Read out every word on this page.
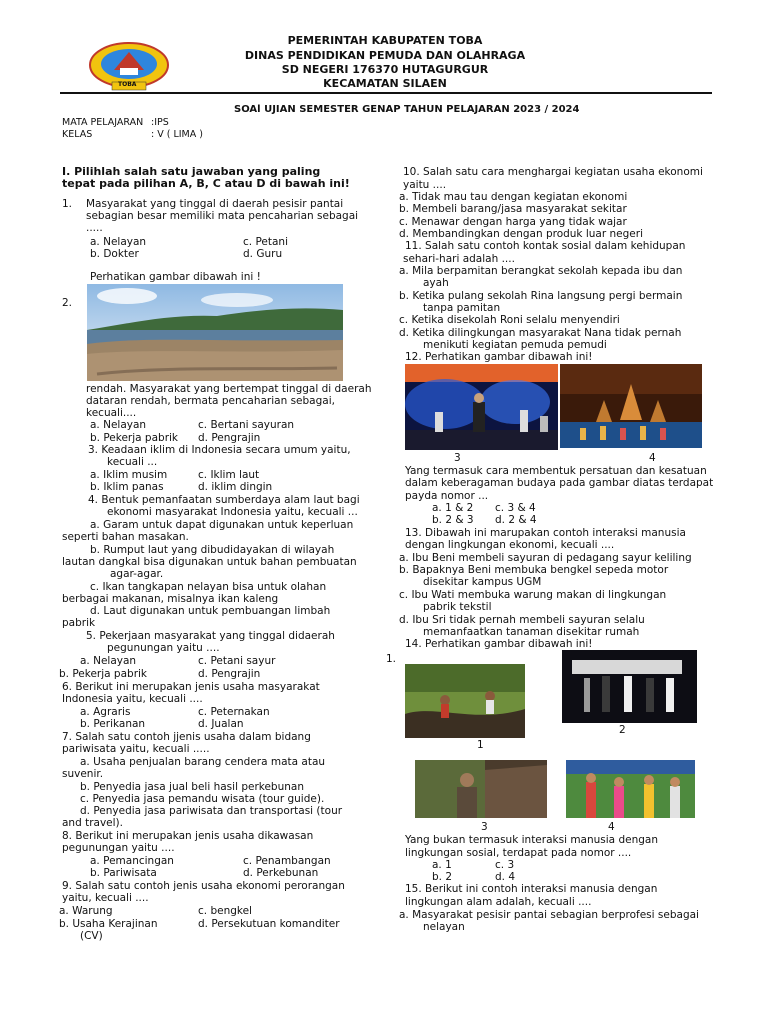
TOBA
PEMERINTAH KABUPATEN TOBA
DINAS PENDIDIKAN PEMUDA DAN OLAHRAGA
SD NEGERI 176370 HUTAGURGUR
KECAMATAN SILAEN
SOAl UJIAN SEMESTER GENAP TAHUN PELAJARAN 2023 / 2024
MATA PELAJARAN :IPS
KELAS	: V ( LIMA )
I. Pilihlah salah satu jawaban yang paling
tepat pada pilihan A, B, C atau D di bawah ini!
1. Masyarakat yang tinggal di daerah pesisir pantai
sebagian besar memiliki mata pencaharian sebagai
.....
a. Nelayan	c. Petani
b. Dokter	d. Guru
Perhatikan gambar dibawah ini !
2.
rendah. Masyarakat yang bertempat tinggal di daerah
dataran rendah, bermata pencaharian sebagai,
kecuali....
a. Nelayan	c. Bertani sayuran
b. Pekerja pabrik d. Pengrajin
3. Keadaan iklim di Indonesia secara umum yaitu,
kecuali ...
a. Iklim musim	c. Iklim laut
b. Iklim panas	d. iklim dingin
4. Bentuk pemanfaatan sumberdaya alam laut bagi
ekonomi masyarakat Indonesia yaitu, kecuali ...
a. Garam untuk dapat digunakan untuk keperluan
seperti bahan masakan.
b. Rumput laut yang dibudidayakan di wilayah
lautan dangkal bisa digunakan untuk bahan pembuatan
agar-agar.
c. Ikan tangkapan nelayan bisa untuk olahan
berbagai makanan, misalnya ikan kaleng
d. Laut digunakan untuk pembuangan limbah
pabrik
5. Pekerjaan masyarakat yang tinggal didaerah
pegunungan yaitu ....
a. Nelayan	c. Petani sayur
b. Pekerja pabrik	d. Pengrajin
6. Berikut ini merupakan jenis usaha masyarakat
Indonesia yaitu, kecuali ....
a. Agraris	c. Peternakan
b. Perikanan	d. Jualan
7. Salah satu contoh jjenis usaha dalam bidang
pariwisata yaitu, kecuali .....
a. Usaha penjualan barang cendera mata atau
suvenir.
b. Penyedia jasa jual beli hasil perkebunan
c. Penyedia jasa pemandu wisata (tour guide).
d. Penyedia jasa pariwisata dan transportasi (tour
and travel).
8. Berikut ini merupakan jenis usaha dikawasan
pegunungan yaitu ....
a. Pemancingan	c. Penambangan
b. Pariwisata	d. Perkebunan
9. Salah satu contoh jenis usaha ekonomi perorangan
yaitu, kecuali ....
a. Warung	c. bengkel
b. Usaha Kerajinan	d. Persekutuan komanditer
(CV)
10. Salah satu cara menghargai kegiatan usaha ekonomi
yaitu ....
a. Tidak mau tau dengan kegiatan ekonomi
b. Membeli barang/jasa masyarakat sekitar
c. Menawar dengan harga yang tidak wajar
d. Membandingkan dengan produk luar negeri
11. Salah satu contoh kontak sosial dalam kehidupan
sehari-hari adalah ....
a. Mila berpamitan berangkat sekolah kepada ibu dan
ayah
b. Ketika pulang sekolah Rina langsung pergi bermain
tanpa pamitan
c. Ketika disekolah Roni selalu menyendiri
d. Ketika dilingkungan masyarakat Nana tidak pernah
menikuti kegiatan pemuda pemudi
12. Perhatikan gambar dibawah ini!
3	4
Yang termasuk cara membentuk persatuan dan kesatuan
dalam keberagaman budaya pada gambar diatas terdapat
payda nomor ...
a. 1 & 2 c. 3 & 4
b. 2 & 3 d. 2 & 4
13. Dibawah ini marupakan contoh interaksi manusia
dengan lingkungan ekonomi, kecuali ....
a. Ibu Beni membeli sayuran di pedagang sayur keliling
b. Bapaknya Beni membuka bengkel sepeda motor
disekitar kampus UGM
c. Ibu Wati membuka warung makan di lingkungan
pabrik tekstil
d. Ibu Sri tidak pernah membeli sayuran selalu
memanfaatkan tanaman disekitar rumah
14. Perhatikan gambar dibawah ini!
1.
1
2
3	4
Yang bukan termasuk interaksi manusia dengan
lingkungan sosial, terdapat pada nomor ....
a. 1	c. 3
b. 2	d. 4
15. Berikut ini contoh interaksi manusia dengan
lingkungan alam adalah, kecuali ....
a. Masyarakat pesisir pantai sebagian berprofesi sebagai
nelayan
